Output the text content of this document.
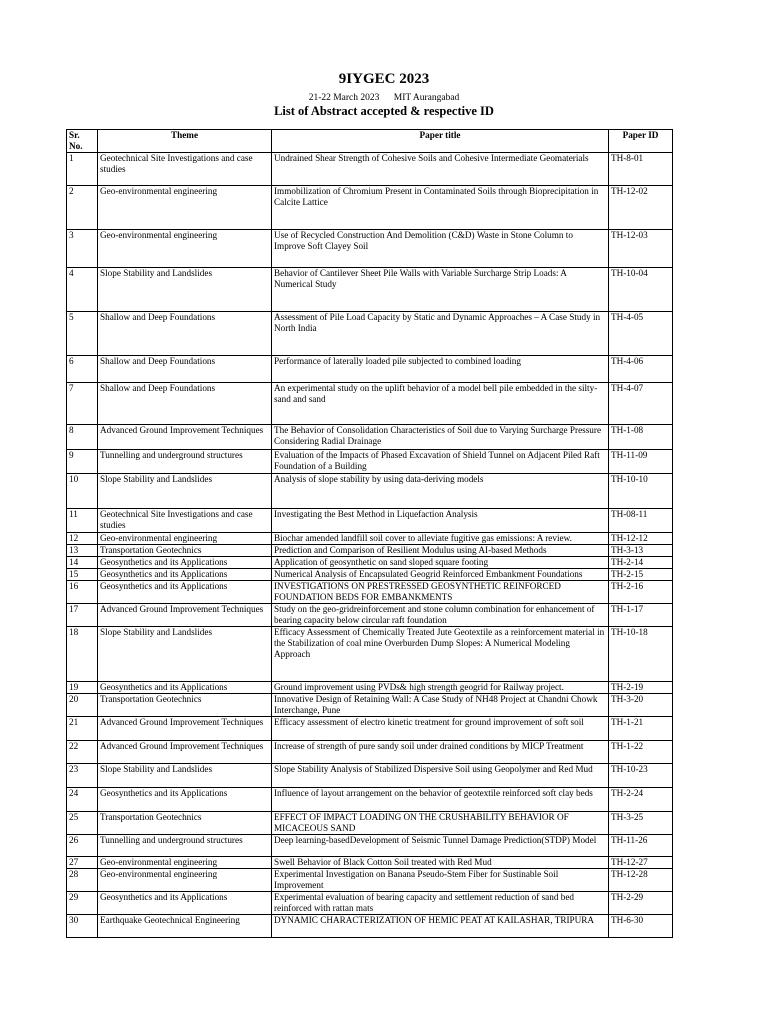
9IYGEC 2023
21-22 March 2023 MIT Aurangabad
List of Abstract accepted & respective ID
Sr. No.	Theme	Paper title	Paper ID
1	Geotechnical Site Investigations and case studies	Undrained Shear Strength of Cohesive Soils and Cohesive Intermediate Geomaterials	TH-8-01
2	Geo-environmental engineering	Immobilization of Chromium Present in Contaminated Soils through Bioprecipitation in Calcite Lattice	TH-12-02
3	Geo-environmental engineering	Use of Recycled Construction And Demolition (C&D) Waste in Stone Column to Improve Soft Clayey Soil	TH-12-03
4	Slope Stability and Landslides	Behavior of Cantilever Sheet Pile Walls with Variable Surcharge Strip Loads: A Numerical Study	TH-10-04
5	Shallow and Deep Foundations	Assessment of Pile Load Capacity by Static and Dynamic Approaches – A Case Study in North India	TH-4-05
6	Shallow and Deep Foundations	Performance of laterally loaded pile subjected to combined loading	TH-4-06
7	Shallow and Deep Foundations	An experimental study on the uplift behavior of a model bell pile embedded in the silty-sand and sand	TH-4-07
8	Advanced Ground Improvement Techniques	The Behavior of Consolidation Characteristics of Soil due to Varying Surcharge Pressure Considering Radial Drainage	TH-1-08
9	Tunnelling and underground structures	Evaluation of the Impacts of Phased Excavation of Shield Tunnel on Adjacent Piled Raft Foundation of a Building	TH-11-09
10	Slope Stability and Landslides	Analysis of slope stability by using data-deriving models	TH-10-10
11	Geotechnical Site Investigations and case studies	Investigating the Best Method in Liquefaction Analysis	TH-08-11
12	Geo-environmental engineering	Biochar amended landfill soil cover to alleviate fugitive gas emissions: A review.	TH-12-12
13	Transportation Geotechnics	Prediction and Comparison of Resilient Modulus using AI-based Methods	TH-3-13
14	Geosynthetics and its Applications	Application of geosynthetic on sand sloped square footing	TH-2-14
15	Geosynthetics and its Applications	Numerical Analysis of Encapsulated Geogrid Reinforced Embankment Foundations	TH-2-15
16	Geosynthetics and its Applications	INVESTIGATIONS ON PRESTRESSED GEOSYNTHETIC REINFORCED FOUNDATION BEDS FOR EMBANKMENTS	TH-2-16
17	Advanced Ground Improvement Techniques	Study on the geo-gridreinforcement and stone column combination for enhancement of bearing capacity below circular raft foundation	TH-1-17
18	Slope Stability and Landslides	Efficacy Assessment of Chemically Treated Jute Geotextile as a reinforcement material in the Stabilization of coal mine Overburden Dump Slopes: A Numerical Modeling Approach	TH-10-18
19	Geosynthetics and its Applications	Ground improvement using PVDs& high strength geogrid for Railway project.	TH-2-19
20	Transportation Geotechnics	Innovative Design of Retaining Wall: A Case Study of NH48 Project at Chandni Chowk Interchange, Pune	TH-3-20
21	Advanced Ground Improvement Techniques	Efficacy assessment of electro kinetic treatment for ground improvement of soft soil	TH-1-21
22	Advanced Ground Improvement Techniques	Increase of strength of pure sandy soil under drained conditions by MICP Treatment	TH-1-22
23	Slope Stability and Landslides	Slope Stability Analysis of Stabilized Dispersive Soil using Geopolymer and Red Mud	TH-10-23
24	Geosynthetics and its Applications	Influence of layout arrangement on the behavior of geotextile reinforced soft clay beds	TH-2-24
25	Transportation Geotechnics	EFFECT OF IMPACT LOADING ON THE CRUSHABILITY BEHAVIOR OF MICACEOUS SAND	TH-3-25
26	Tunnelling and underground structures	Deep learning-basedDevelopment of Seismic Tunnel Damage Prediction(STDP) Model	TH-11-26
27	Geo-environmental engineering	Swell Behavior of Black Cotton Soil treated with Red Mud	TH-12-27
28	Geo-environmental engineering	Experimental Investigation on Banana Pseudo-Stem Fiber for Sustinable Soil Improvement	TH-12-28
29	Geosynthetics and its Applications	Experimental evaluation of bearing capacity and settlement reduction of sand bed reinforced with rattan mats	TH-2-29
30	Earthquake Geotechnical Engineering	DYNAMIC CHARACTERIZATION OF HEMIC PEAT AT KAILASHAR, TRIPURA	TH-6-30
